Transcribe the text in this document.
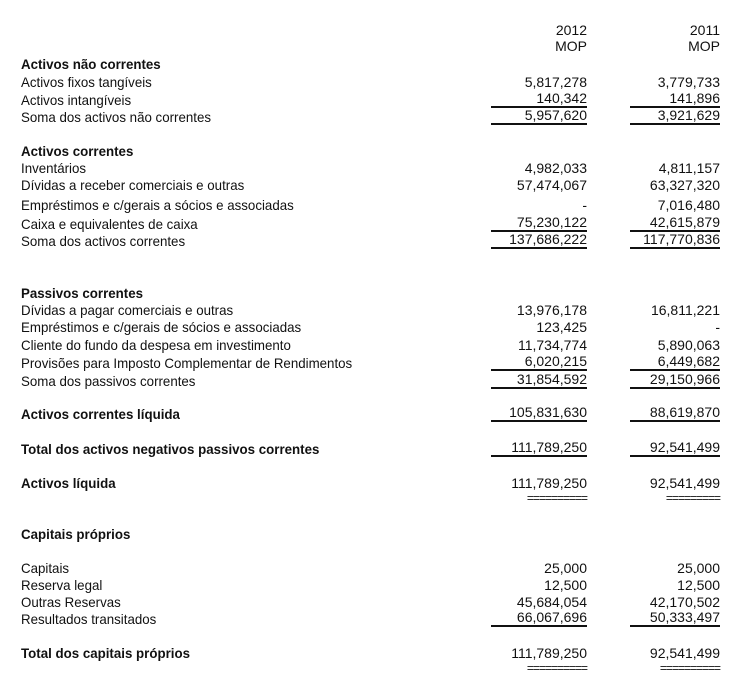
2012	2011
MOP	MOP
Activos não correntes
Activos fixos tangíveis	5,817,278	3,779,733
Activos intangíveis	140,342	141,896
Soma dos activos não correntes	5,957,620	3,921,629
Activos correntes
Inventários	4,982,033	4,811,157
Dívidas a receber comerciais e outras	57,474,067	63,327,320
Empréstimos e c/gerais a sócios e associadas	-	7,016,480
Caixa e equivalentes de caixa	75,230,122	42,615,879
Soma dos activos correntes	137,686,222	117,770,836
Passivos correntes
Dívidas a pagar comerciais e outras	13,976,178	16,811,221
Empréstimos e c/gerais de sócios e associadas	123,425	-
Cliente do fundo da despesa em investimento	11,734,774	5,890,063
Provisões para Imposto Complementar de Rendimentos	6,020,215	6,449,682
Soma dos passivos correntes	31,854,592	29,150,966
Activos correntes líquida	105,831,630	88,619,870
Total dos activos negativos passivos correntes	111,789,250	92,541,499
Activos líquida	111,789,250	92,541,499
==========	=========
Capitais próprios
Capitais	25,000	25,000
Reserva legal	12,500	12,500
Outras Reservas	45,684,054	42,170,502
Resultados transitados	66,067,696	50,333,497
Total dos capitais próprios	111,789,250	92,541,499
==========	==========
